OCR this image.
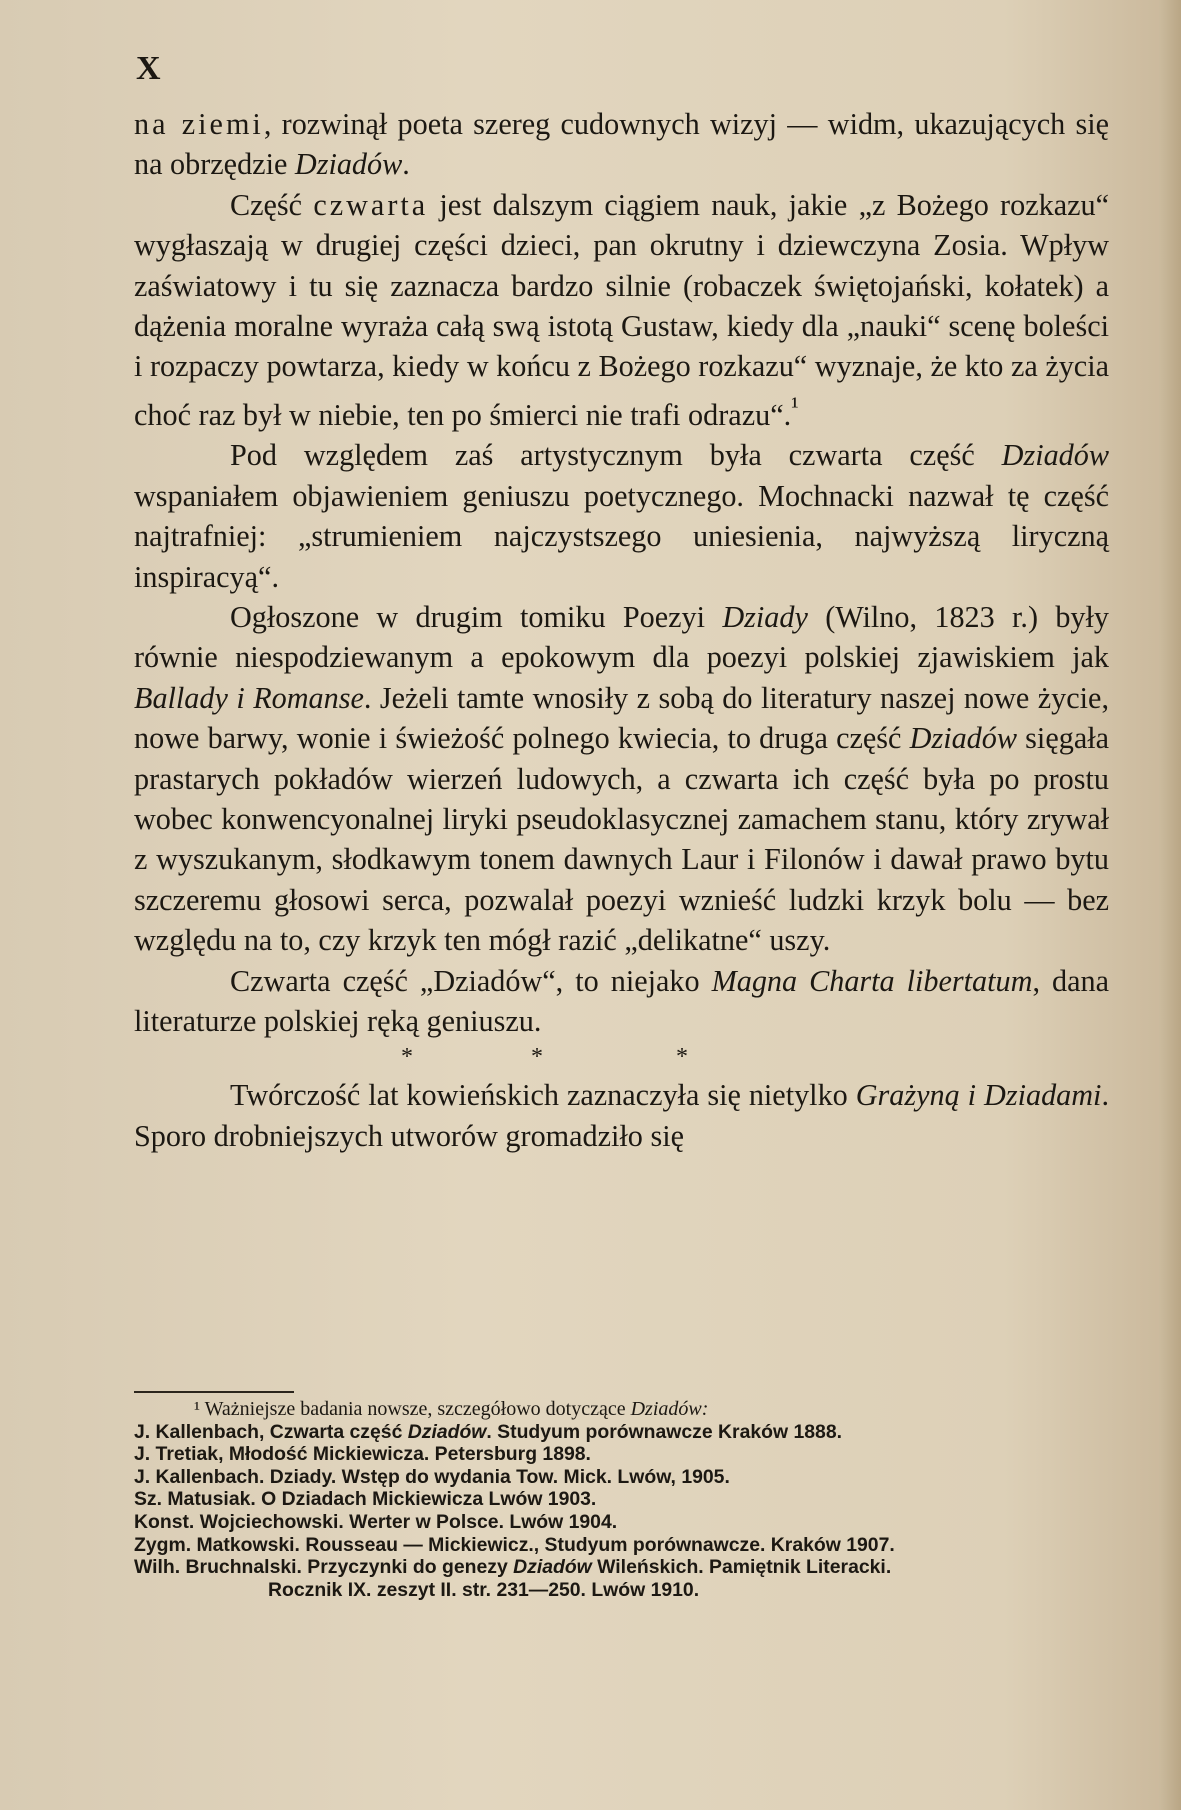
X

na ziemi, rozwinął poeta szereg cudownych wizyj — widm, ukazujących się na obrzędzie Dziadów.

Część czwarta jest dalszym ciągiem nauk, jakie „z Bożego rozkazu“ wygłaszają w drugiej części dzieci, pan okrutny i dziewczyna Zosia. Wpływ zaświatowy i tu się zaznacza bardzo silnie (robaczek świętojański, kołatek) a dążenia moralne wyraża całą swą istotą Gustaw, kiedy dla „nauki“ scenę boleści i rozpaczy powtarza, kiedy w końcu z Bożego rozkazu“ wyznaje, że kto za życia choć raz był w niebie, ten po śmierci nie trafi odrazu“.$^{^1}$

Pod względem zaś artystycznym była czwarta część Dziadów wspaniałem objawieniem geniuszu poetycznego. Mochnacki nazwał tę część najtrafniej: „strumieniem najczystszego uniesienia, najwyższą liryczną inspiracyą“.

Ogłoszone w drugim tomiku Poezyi Dziady (Wilno, 1823 r.) były równie niespodziewanym a epokowym dla poezyi polskiej zjawiskiem jak Ballady i Romanse. Jeżeli tamte wnosiły z sobą do literatury naszej nowe życie, nowe barwy, wonie i świeżość polnego kwiecia, to druga część Dziadów sięgała prastarych pokładów wierzeń ludowych, a czwarta ich część była po prostu wobec konwencyonalnej liryki pseudoklasycznej zamachem stanu, który zrywał z wyszukanym, słodkawym tonem dawnych Laur i Filonów i dawał prawo bytu szczeremu głosowi serca, pozwalał poezyi wznieść ludzki krzyk bolu — bez względu na to, czy krzyk ten mógł razić „delikatne“ uszy.

Czwarta część „Dziadów“, to niejako Magna Charta libertatum, dana literaturze polskiej ręką geniuszu.

*	*	*

Twórczość lat kowieńskich zaznaczyła się nietylko Grażyną i Dziadami. Sporo drobniejszych utworów gromadziło się

¹ Ważniejsze badania nowsze, szczegółowo dotyczące Dziadów:
J. Kallenbach, Czwarta część Dziadów. Studyum porównawcze Kraków 1888.
J. Tretiak, Młodość Mickiewicza. Petersburg 1898.
J. Kallenbach. Dziady. Wstęp do wydania Tow. Mick. Lwów, 1905.
Sz. Matusiak. O Dziadach Mickiewicza Lwów 1903.
Konst. Wojciechowski. Werter w Polsce. Lwów 1904.
Zygm. Matkowski. Rousseau — Mickiewicz., Studyum porównawcze. Kraków 1907.
Wilh. Bruchnalski. Przyczynki do genezy Dziadów Wileńskich. Pamiętnik Literacki.
Rocznik IX. zeszyt II. str. 231—250. Lwów 1910.
